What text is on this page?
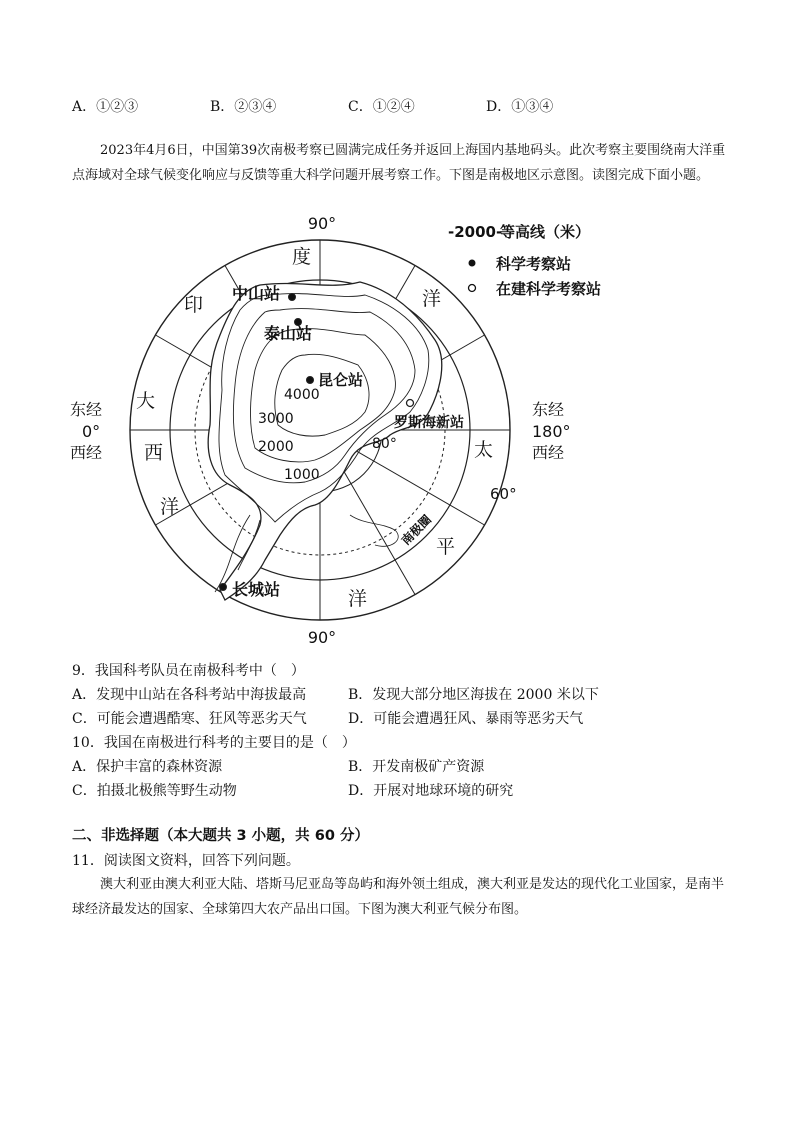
A．①②③	B．②③④	C．①②④	D．①③④
2023年4月6日，中国第39次南极考察已圆满完成任务并返回上海国内基地码头。此次考察主要围绕南大洋重点海域对全球气候变化响应与反馈等重大科学问题开展考察工作。下图是南极地区示意图。读图完成下面小题。
90°
90°
东经
180°
西经
东经
0°
西经	80°
60°
南极圈
印
度
洋
大
西
洋
太
平
洋
4000
3000
2000
1000
中山站
泰山站
昆仑站
罗斯海新站
长城站
-2000-
等高线（米）
科学考察站
在建科学考察站
9．我国科考队员在南极科考中（　）
A．发现中山站在各科考站中海拔最高	B．发现大部分地区海拔在 2000 米以下
C．可能会遭遇酷寒、狂风等恶劣天气	D．可能会遭遇狂风、暴雨等恶劣天气
10．我国在南极进行科考的主要目的是（　）
A．保护丰富的森林资源	B．开发南极矿产资源
C．拍摄北极熊等野生动物	D．开展对地球环境的研究
二、非选择题（本大题共 3 小题，共 60 分）
11．阅读图文资料，回答下列问题。
澳大利亚由澳大利亚大陆、塔斯马尼亚岛等岛屿和海外领土组成，澳大利亚是发达的现代化工业国家，是南半球经济最发达的国家、全球第四大农产品出口国。下图为澳大利亚气候分布图。
